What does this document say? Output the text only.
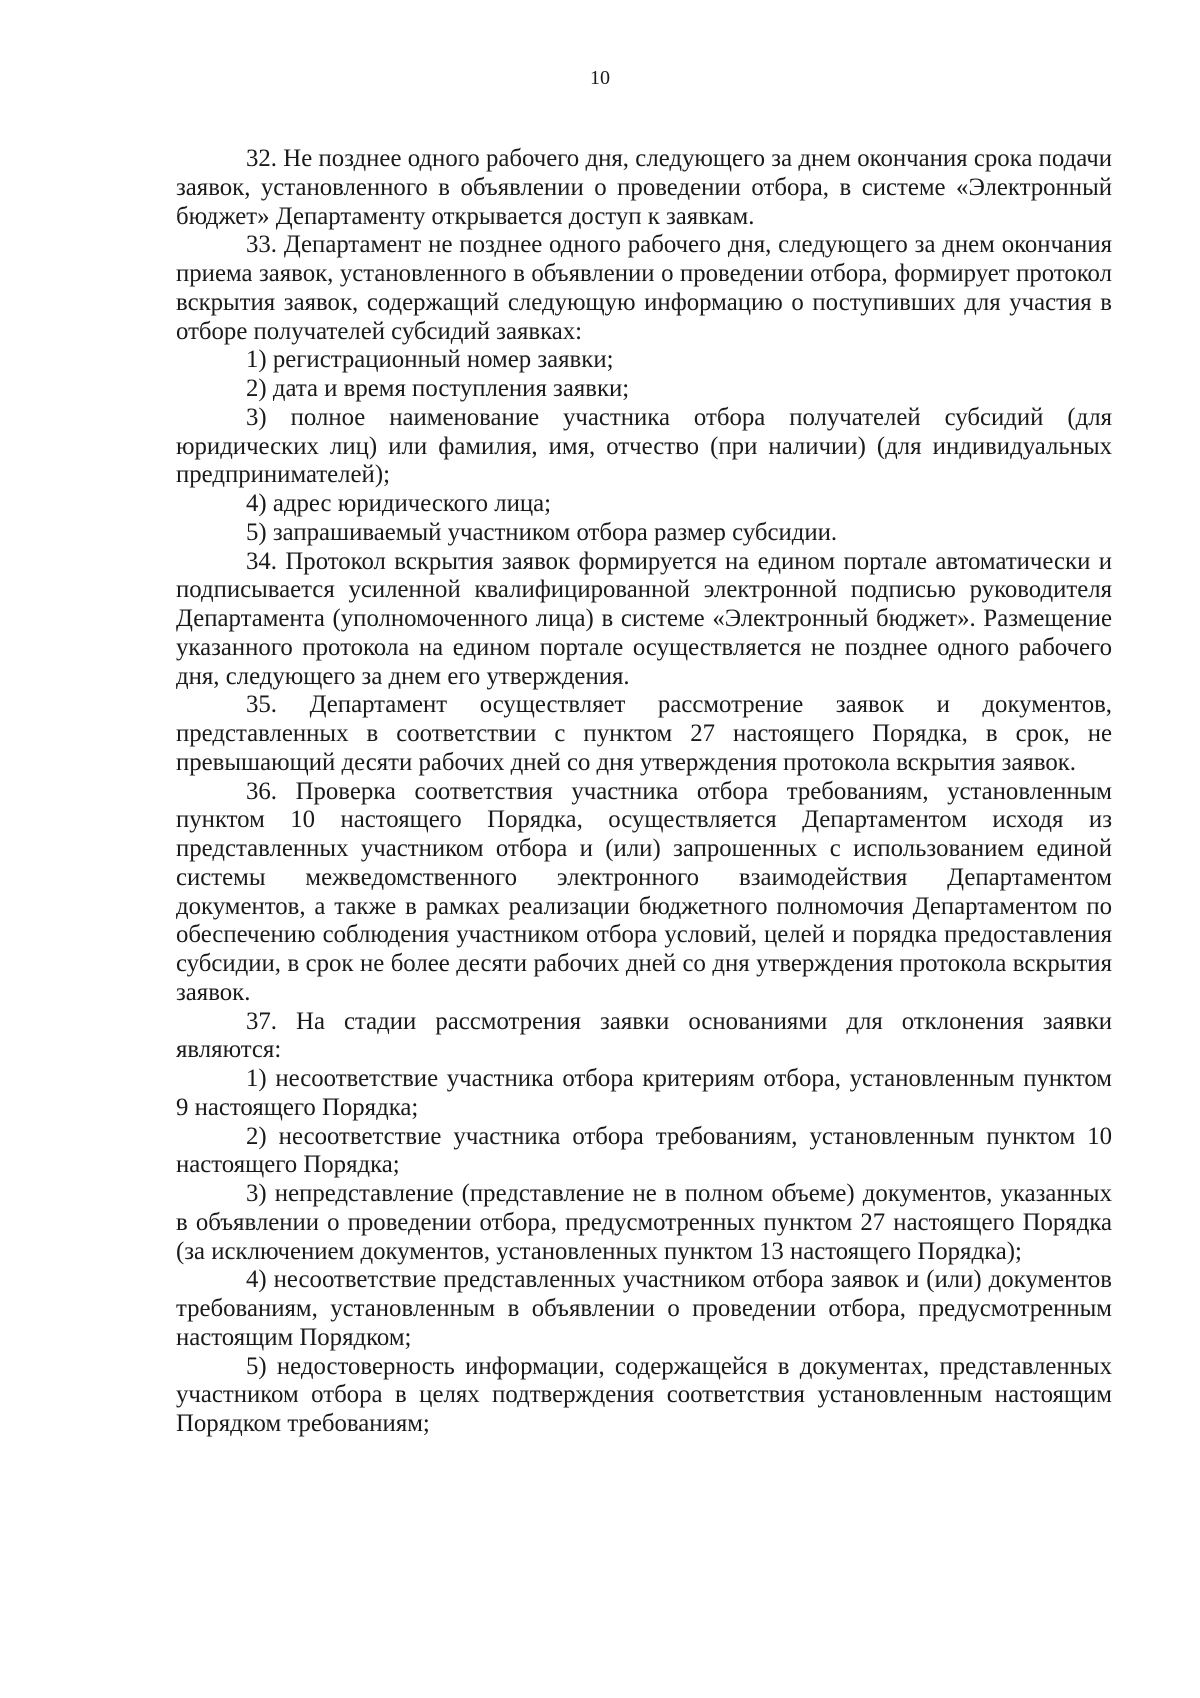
10

32. Не позднее одного рабочего дня, следующего за днем окончания срока подачи заявок, установленного в объявлении о проведении отбора, в системе «Электронный бюджет» Департаменту открывается доступ к заявкам.

33. Департамент не позднее одного рабочего дня, следующего за днем окончания приема заявок, установленного в объявлении о проведении отбора, формирует протокол вскрытия заявок, содержащий следующую информацию о поступивших для участия в отборе получателей субсидий заявках:

1) регистрационный номер заявки;

2) дата и время поступления заявки;

3) полное наименование участника отбора получателей субсидий (для юридических лиц) или фамилия, имя, отчество (при наличии) (для индивидуальных предпринимателей);

4) адрес юридического лица;

5) запрашиваемый участником отбора размер субсидии.

34. Протокол вскрытия заявок формируется на едином портале автоматически и подписывается усиленной квалифицированной электронной подписью руководителя Департамента (уполномоченного лица) в системе «Электронный бюджет». Размещение указанного протокола на едином портале осуществляется не позднее одного рабочего дня, следующего за днем его утверждения.

35. Департамент осуществляет рассмотрение заявок и документов, представленных в соответствии с пунктом 27 настоящего Порядка, в срок, не превышающий десяти рабочих дней со дня утверждения протокола вскрытия заявок.

36. Проверка соответствия участника отбора требованиям, установленным пунктом 10 настоящего Порядка, осуществляется Департаментом исходя из представленных участником отбора и (или) запрошенных с использованием единой системы межведомственного электронного взаимодействия Департаментом документов, а также в рамках реализации бюджетного полномочия Департаментом по обеспечению соблюдения участником отбора условий, целей и порядка предоставления субсидии, в срок не более десяти рабочих дней со дня утверждения протокола вскрытия заявок.

37. На стадии рассмотрения заявки основаниями для отклонения заявки являются:

1) несоответствие участника отбора критериям отбора, установленным пунктом 9 настоящего Порядка;

2) несоответствие участника отбора требованиям, установленным пунктом 10 настоящего Порядка;

3) непредставление (представление не в полном объеме) документов, указанных в объявлении о проведении отбора, предусмотренных пунктом 27 настоящего Порядка (за исключением документов, установленных пунктом 13 настоящего Порядка);

4) несоответствие представленных участником отбора заявок и (или) документов требованиям, установленным в объявлении о проведении отбора, предусмотренным настоящим Порядком;

5) недостоверность информации, содержащейся в документах, представленных участником отбора в целях подтверждения соответствия установленным настоящим Порядком требованиям;
